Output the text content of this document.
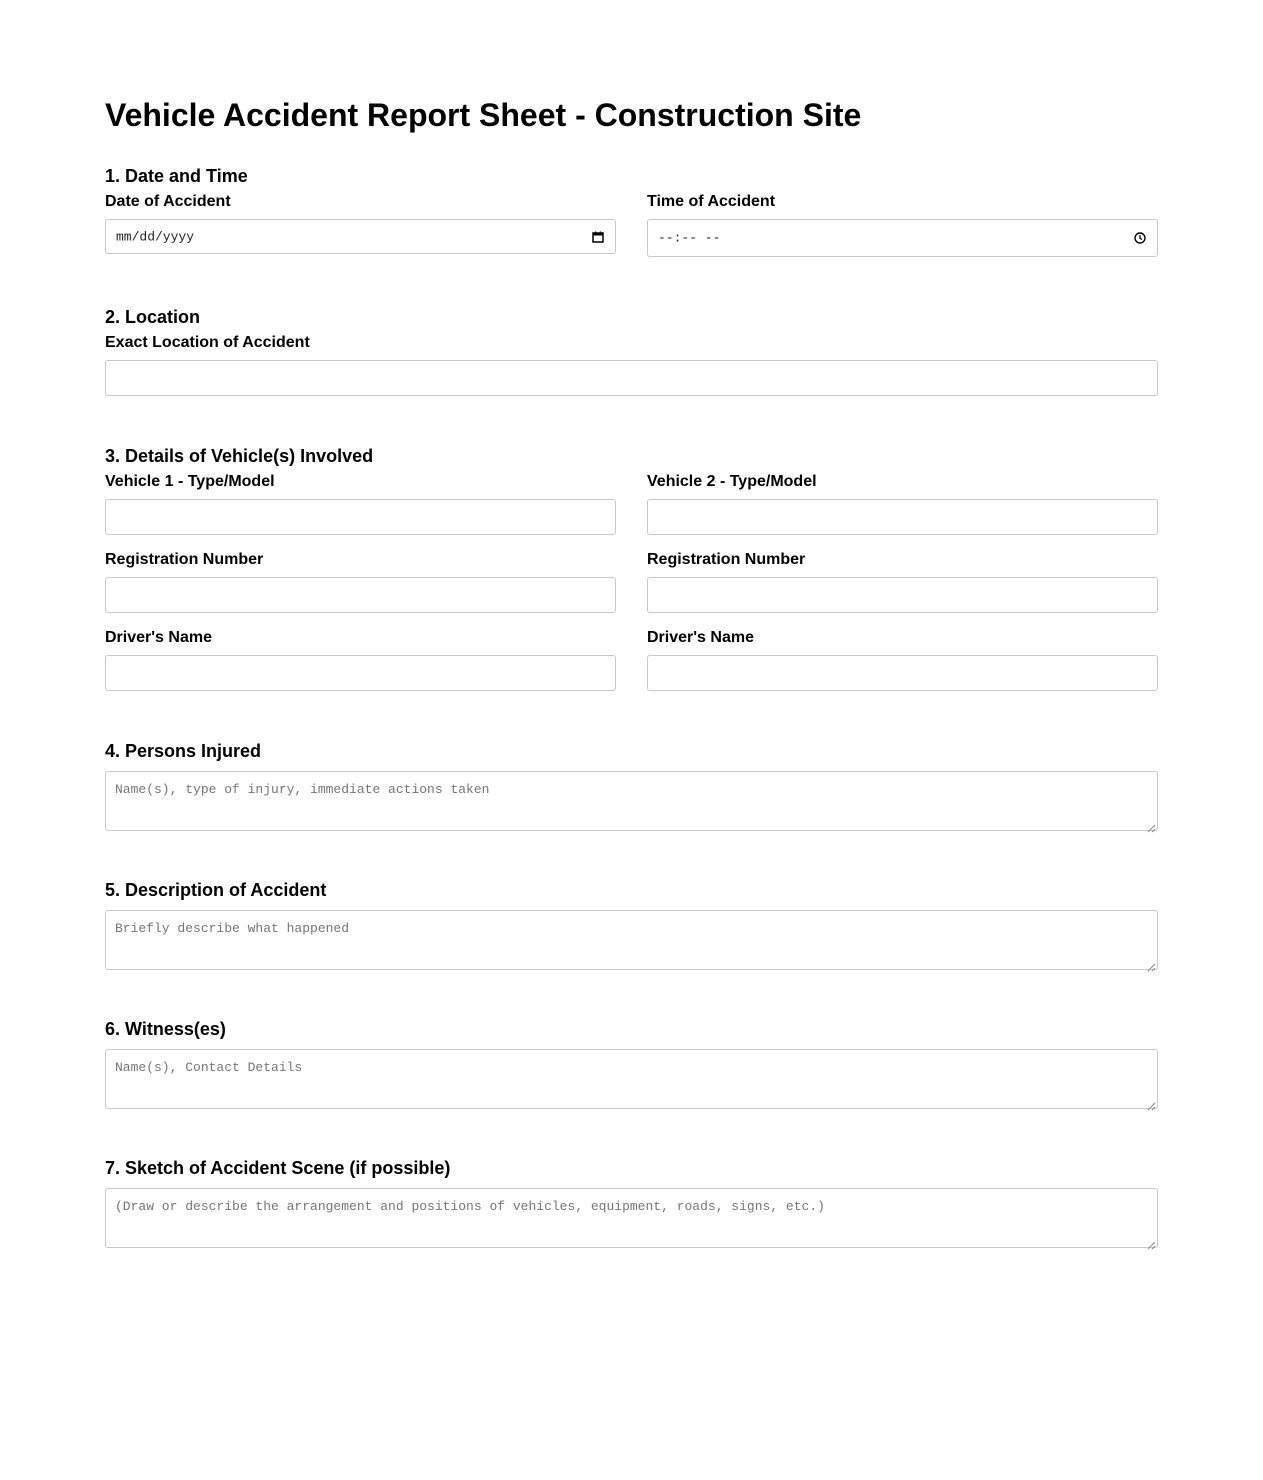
Vehicle Accident Report Sheet - Construction Site
1. Date and Time
Date of Accident
mm/dd/yyyy
Time of Accident
--:-- --
2. Location
Exact Location of Accident
3. Details of Vehicle(s) Involved
Vehicle 1 - Type/Model
Registration Number
Driver's Name
Vehicle 2 - Type/Model
Registration Number
Driver's Name
4. Persons Injured
Name(s), type of injury, immediate actions taken
5. Description of Accident
Briefly describe what happened
6. Witness(es)
Name(s), Contact Details
7. Sketch of Accident Scene (if possible)
(Draw or describe the arrangement and positions of vehicles, equipment, roads, signs, etc.)
